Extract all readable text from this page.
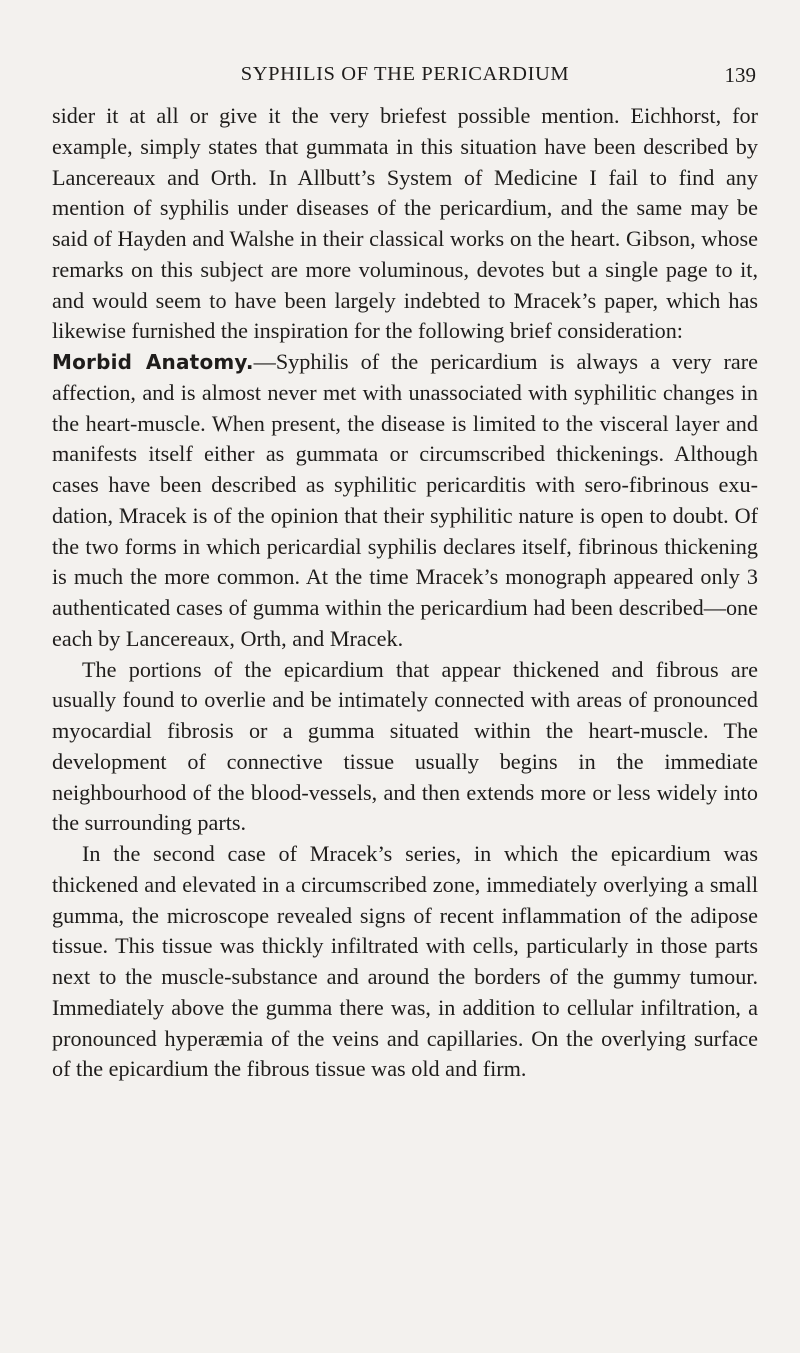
SYPHILIS OF THE PERICARDIUM	139

sider it at all or give it the very briefest possible mention. Eichhorst, for example, simply states that gummata in this situation have been described by Lancereaux and Orth. In Allbutt’s System of Medicine I fail to find any mention of syphilis under diseases of the pericardium, and the same may be said of Hayden and Walshe in their classical works on the heart. Gibson, whose remarks on this subject are more voluminous, devotes but a single page to it, and would seem to have been largely indebted to Mracek’s paper, which has likewise furnished the inspiration for the following brief consideration:

Morbid Anatomy.—Syphilis of the pericardium is always a very rare affection, and is almost never met with unassociated with syphilitic changes in the heart-muscle. When present, the disease is limited to the visceral layer and manifests itself either as gummata or circumscribed thickenings. Although cases have been described as syphilitic pericarditis with sero-fibrinous exudation, Mracek is of the opinion that their syphilitic nature is open to doubt. Of the two forms in which pericardial syphilis declares itself, fibrinous thickening is much the more common. At the time Mracek’s monograph appeared only 3 authenticated cases of gumma within the pericardium had been described—one each by Lancereaux, Orth, and Mracek.

The portions of the epicardium that appear thickened and fibrous are usually found to overlie and be intimately connected with areas of pronounced myocardial fibrosis or a gumma situated within the heart-muscle. The development of connective tissue usually begins in the immediate neighbourhood of the blood-vessels, and then extends more or less widely into the surrounding parts.

In the second case of Mracek’s series, in which the epicardium was thickened and elevated in a circumscribed zone, immediately overlying a small gumma, the microscope revealed signs of recent inflammation of the adipose tissue. This tissue was thickly infiltrated with cells, particularly in those parts next to the muscle-substance and around the borders of the gummy tumour. Immediately above the gumma there was, in addition to cellular infiltration, a pronounced hyperæmia of the veins and capillaries. On the overlying surface of the epicardium the fibrous tissue was old and firm.
